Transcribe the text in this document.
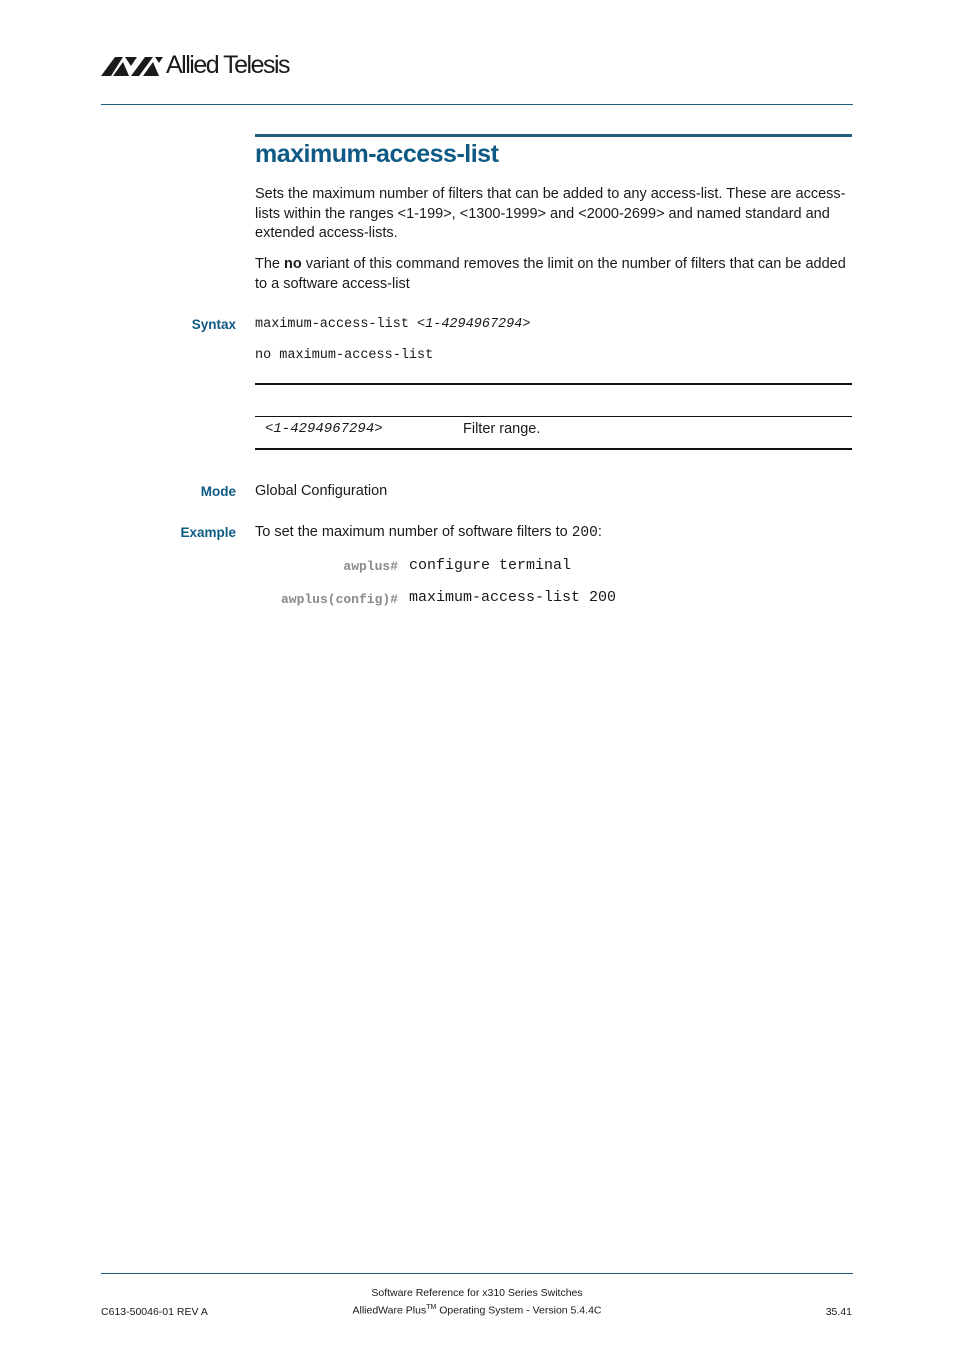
Allied Telesis
maximum-access-list

Sets the maximum number of filters that can be added to any access-list. These are access-lists within the ranges <1-199>, <1300-1999> and <2000-2699> and named standard and extended access-lists.

The no variant of this command removes the limit on the number of filters that can be added to a software access-list

Syntax maximum-access-list <1-4294967294>
no maximum-access-list
<1-4294967294>	Filter range.
Mode Global Configuration
Example To set the maximum number of software filters to 200:
awplus# configure terminal
awplus(config)# maximum-access-list 200
Software Reference for x310 Series Switches
C613-50046-01 REV A	AlliedWare Plus™ Operating System - Version 5.4.4C	35.41
